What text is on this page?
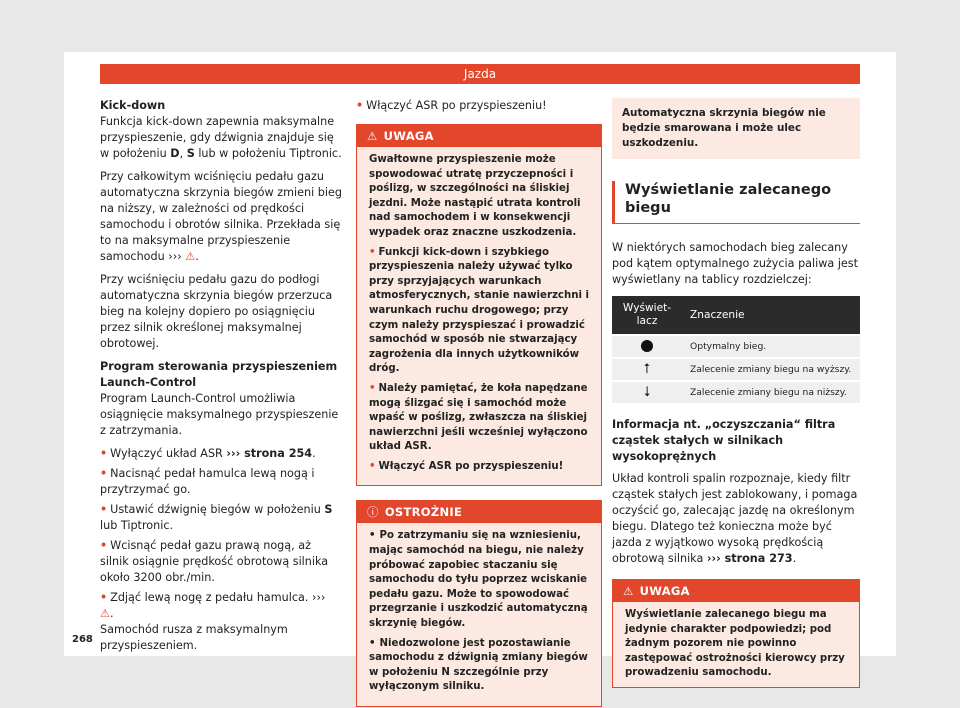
Jazda

Kick-down

Funkcja kick-down zapewnia maksymalne przyspieszenie, gdy dźwignia znajduje się w położeniu D, S lub w położeniu Tiptronic.

Przy całkowitym wciśnięciu pedału gazu automatyczna skrzynia biegów zmieni bieg na niższy, w zależności od prędkości samochodu i obrotów silnika. Przekłada się to na maksymalne przyspieszenie samochodu ››› ⚠.

Przy wciśnięciu pedału gazu do podłogi automatyczna skrzynia biegów przerzuca bieg na kolejny dopiero po osiągnięciu przez silnik określonej maksymalnej obrotowej.

Program sterowania przyspieszeniem Launch-Control

Program Launch-Control umożliwia osiągnięcie maksymalnego przyspieszenie z zatrzymania.

• Wyłączyć układ ASR ››› strona 254.

• Nacisnąć pedał hamulca lewą nogą i przytrzymać go.

• Ustawić dźwignię biegów w położeniu S lub Tiptronic.

• Wcisnąć pedał gazu prawą nogą, aż silnik osiągnie prędkość obrotową silnika około 3200 obr./min.

• Zdjąć lewą nogę z pedału hamulca. ››› ⚠.
Samochód rusza z maksymalnym przyspieszeniem.

• Włączyć ASR po przyspieszeniu!

⚠ UWAGA

Gwałtowne przyspieszenie może spowodować utratę przyczepności i poślizg, w szczególności na śliskiej jezdni. Może nastąpić utrata kontroli nad samochodem i w konsekwencji wypadek oraz znaczne uszkodzenia.

• Funkcji kick-down i szybkiego przyspieszenia należy używać tylko przy sprzyjających warunkach atmosferycznych, stanie nawierzchni i warunkach ruchu drogowego; przy czym należy przyspieszać i prowadzić samochód w sposób nie stwarzający zagrożenia dla innych użytkowników dróg.

• Należy pamiętać, że koła napędzane mogą ślizgać się i samochód może wpaść w poślizg, zwłaszcza na śliskiej nawierzchni jeśli wcześniej wyłączono układ ASR.

• Włączyć ASR po przyspieszeniu!

ⓘ OSTROŻNIE

• Po zatrzymaniu się na wzniesieniu, mając samochód na biegu, nie należy próbować zapobiec staczaniu się samochodu do tyłu poprzez wciskanie pedału gazu. Może to spowodować przegrzanie i uszkodzić automatyczną skrzynię biegów.

• Niedozwolone jest pozostawianie samochodu z dźwignią zmiany biegów w położeniu N szczególnie przy wyłączonym silniku.

Automatyczna skrzynia biegów nie będzie smarowana i może ulec uszkodzeniu.
Wyświetlanie zalecanego biegu

W niektórych samochodach bieg zalecany pod kątem optymalnego zużycia paliwa jest wyświetlany na tablicy rozdzielczej:

Wyświet-lacz	Znaczenie
	Optymalny bieg.
⭡	Zalecenie zmiany biegu na wyższy.
⭣	Zalecenie zmiany biegu na niższy.

Informacja nt. „oczyszczania“ filtra cząstek stałych w silnikach wysokoprężnych

Układ kontroli spalin rozpoznaje, kiedy filtr cząstek stałych jest zablokowany, i pomaga oczyścić go, zalecając jazdę na określonym biegu. Dlatego też konieczna może być jazda z wyjątkowo wysoką prędkością obrotową silnika ››› strona 273.

⚠ UWAGA

Wyświetlanie zalecanego biegu ma jedynie charakter podpowiedzi; pod żadnym pozorem nie powinno zastępować ostrożności kierowcy przy prowadzeniu samochodu.

268
